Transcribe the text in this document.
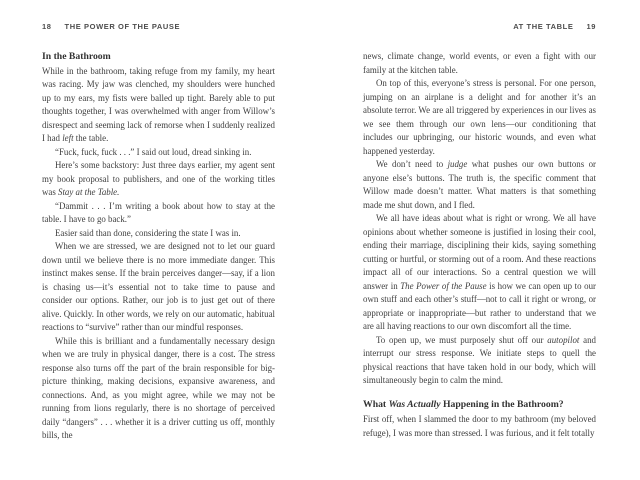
18 THE POWER OF THE PAUSE
In the Bathroom

While in the bathroom, taking refuge from my family, my heart was racing. My jaw was clenched, my shoulders were hunched up to my ears, my fists were balled up tight. Barely able to put thoughts together, I was overwhelmed with anger from Willow’s disrespect and seeming lack of remorse when I suddenly realized I had left the table.

“Fuck, fuck, fuck . . .” I said out loud, dread sinking in.

Here’s some backstory: Just three days earlier, my agent sent my book proposal to publishers, and one of the working titles was Stay at the Table.

“Dammit . . . I’m writing a book about how to stay at the table. I have to go back.”

Easier said than done, considering the state I was in.

When we are stressed, we are designed not to let our guard down until we believe there is no more immediate danger. This instinct makes sense. If the brain perceives danger—say, if a lion is chasing us—it’s essential not to take time to pause and consider our options. Rather, our job is to just get out of there alive. Quickly. In other words, we rely on our automatic, habitual reactions to “survive” rather than our mindful responses.

While this is brilliant and a fundamentally necessary design when we are truly in physical danger, there is a cost. The stress response also turns off the part of the brain responsible for big-picture thinking, making decisions, expansive awareness, and connections. And, as you might agree, while we may not be running from lions regularly, there is no shortage of perceived daily “dangers” . . . whether it is a driver cutting us off, monthly bills, the

AT THE TABLE 19

news, climate change, world events, or even a fight with our family at the kitchen table.

On top of this, everyone’s stress is personal. For one person, jumping on an airplane is a delight and for another it’s an absolute terror. We are all triggered by experiences in our lives as we see them through our own lens—our conditioning that includes our upbringing, our historic wounds, and even what happened yesterday.

We don’t need to judge what pushes our own buttons or anyone else’s buttons. The truth is, the specific comment that Willow made doesn’t matter. What matters is that something made me shut down, and I fled.

We all have ideas about what is right or wrong. We all have opinions about whether someone is justified in losing their cool, ending their marriage, disciplining their kids, saying something cutting or hurtful, or storming out of a room. And these reactions impact all of our interactions. So a central question we will answer in The Power of the Pause is how we can open up to our own stuff and each other’s stuff—not to call it right or wrong, or appropriate or inappropriate—but rather to understand that we are all having reactions to our own discomfort all the time.

To open up, we must purposely shut off our autopilot and interrupt our stress response. We initiate steps to quell the physical reactions that have taken hold in our body, which will simultaneously begin to calm the mind.

What Was Actually Happening in the Bathroom?

First off, when I slammed the door to my bathroom (my beloved refuge), I was more than stressed. I was furious, and it felt totally
